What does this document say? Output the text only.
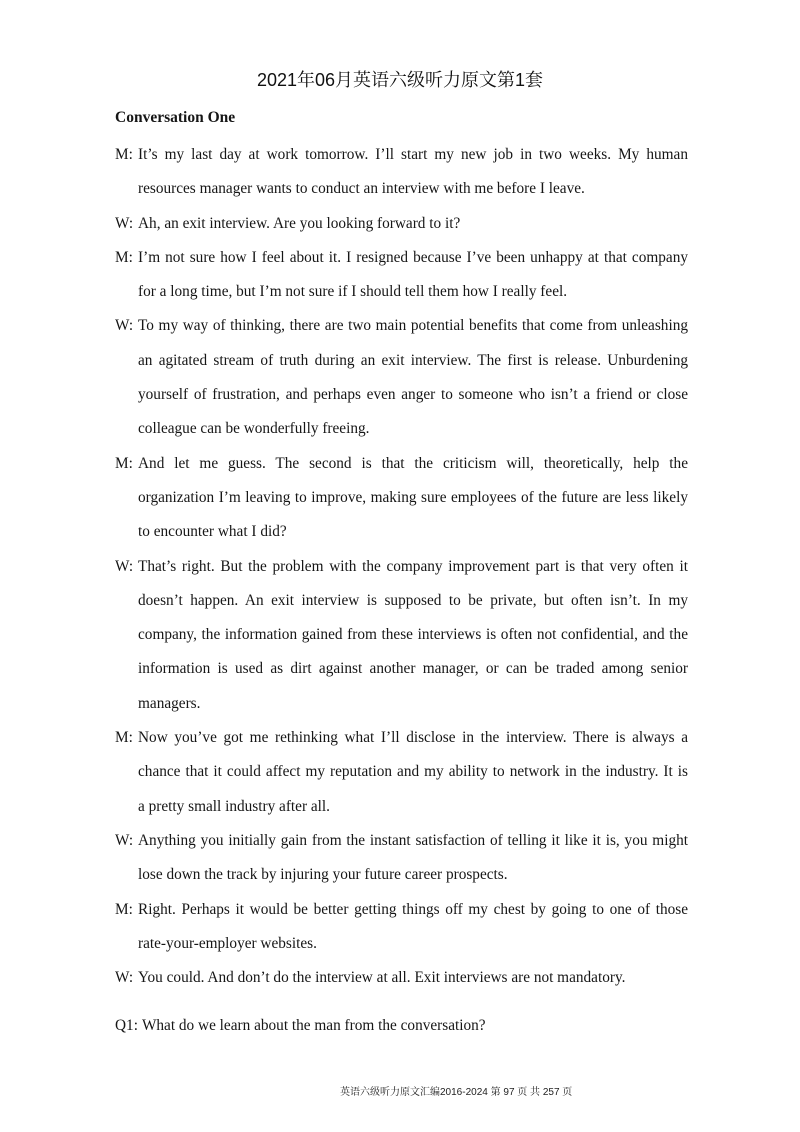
2021年06月英语六级听力原文第1套
Conversation One
M: It’s my last day at work tomorrow. I’ll start my new job in two weeks. My human
resources manager wants to conduct an interview with me before I leave.
W: Ah, an exit interview. Are you looking forward to it?
M: I’m not sure how I feel about it. I resigned because I’ve been unhappy at that company
for a long time, but I’m not sure if I should tell them how I really feel.
W: To my way of thinking, there are two main potential benefits that come from unleashing
an agitated stream of truth during an exit interview. The first is release. Unburdening
yourself of frustration, and perhaps even anger to someone who isn’t a friend or close
colleague can be wonderfully freeing.
M: And let me guess. The second is that the criticism will, theoretically, help the
organization I’m leaving to improve, making sure employees of the future are less likely
to encounter what I did?
W: That’s right. But the problem with the company improvement part is that very often it
doesn’t happen. An exit interview is supposed to be private, but often isn’t. In my
company, the information gained from these interviews is often not confidential, and the
information is used as dirt against another manager, or can be traded among senior
managers.
M: Now you’ve got me rethinking what I’ll disclose in the interview. There is always a
chance that it could affect my reputation and my ability to network in the industry. It is
a pretty small industry after all.
W: Anything you initially gain from the instant satisfaction of telling it like it is, you might
lose down the track by injuring your future career prospects.
M: Right. Perhaps it would be better getting things off my chest by going to one of those
rate-your-employer websites.
W: You could. And don’t do the interview at all. Exit interviews are not mandatory.
Q1: What do we learn about the man from the conversation?
英语六级听力原文汇编2016-2024 第 97 页 共 257 页
